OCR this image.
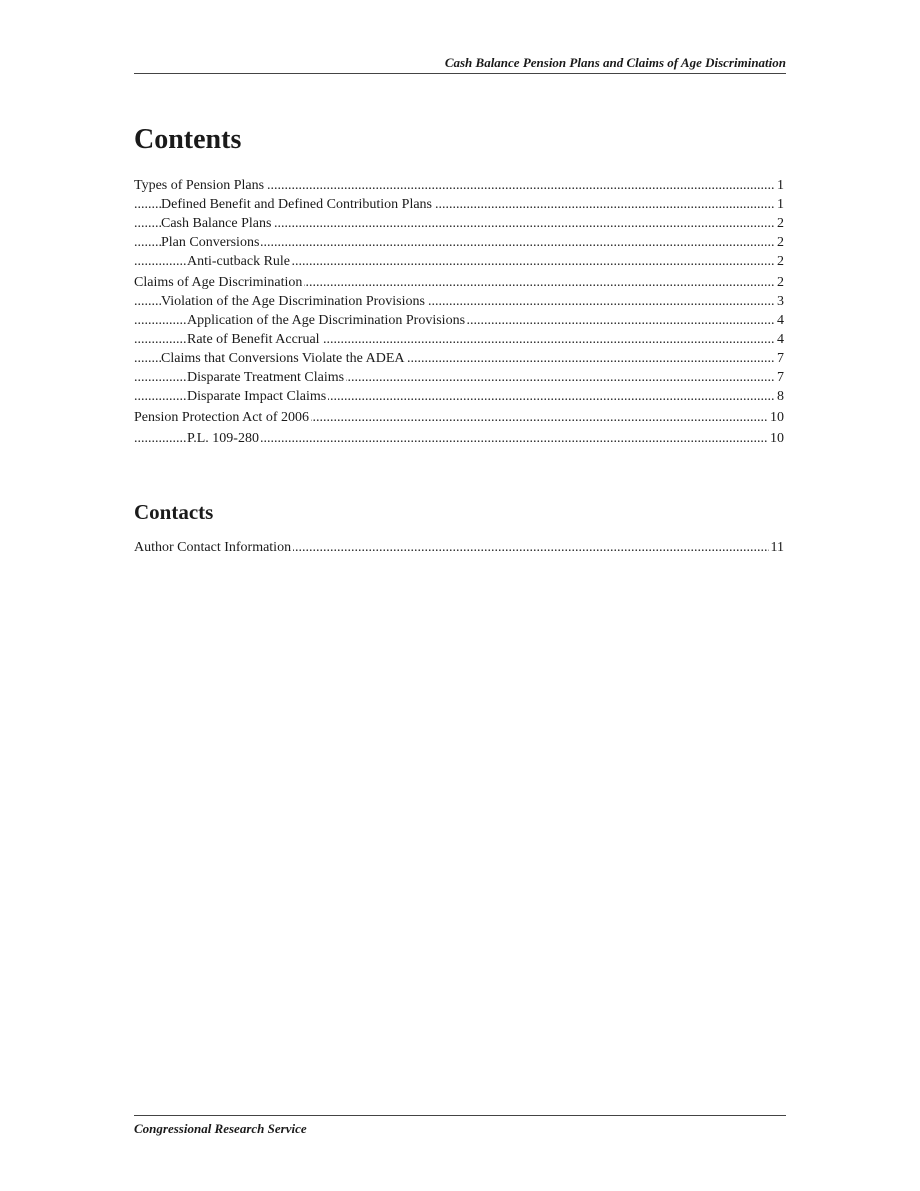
Cash Balance Pension Plans and Claims of Age Discrimination
Contents
.....
Types of Pension Plans	1
.....
Defined Benefit and Defined Contribution Plans	1
.....
Cash Balance Plans	2
.....
Plan Conversions	2
.....
Anti-cutback Rule	2
.....
Claims of Age Discrimination	2
.....
Violation of the Age Discrimination Provisions	3
.....
Application of the Age Discrimination Provisions	4
.....
Rate of Benefit Accrual	4
.....
Claims that Conversions Violate the ADEA	7
.....
Disparate Treatment Claims	7
.....
Disparate Impact Claims	8
.....
Pension Protection Act of 2006	10
.....
P.L. 109-280	10
Contacts
.....
Author Contact Information	11
Congressional Research Service
